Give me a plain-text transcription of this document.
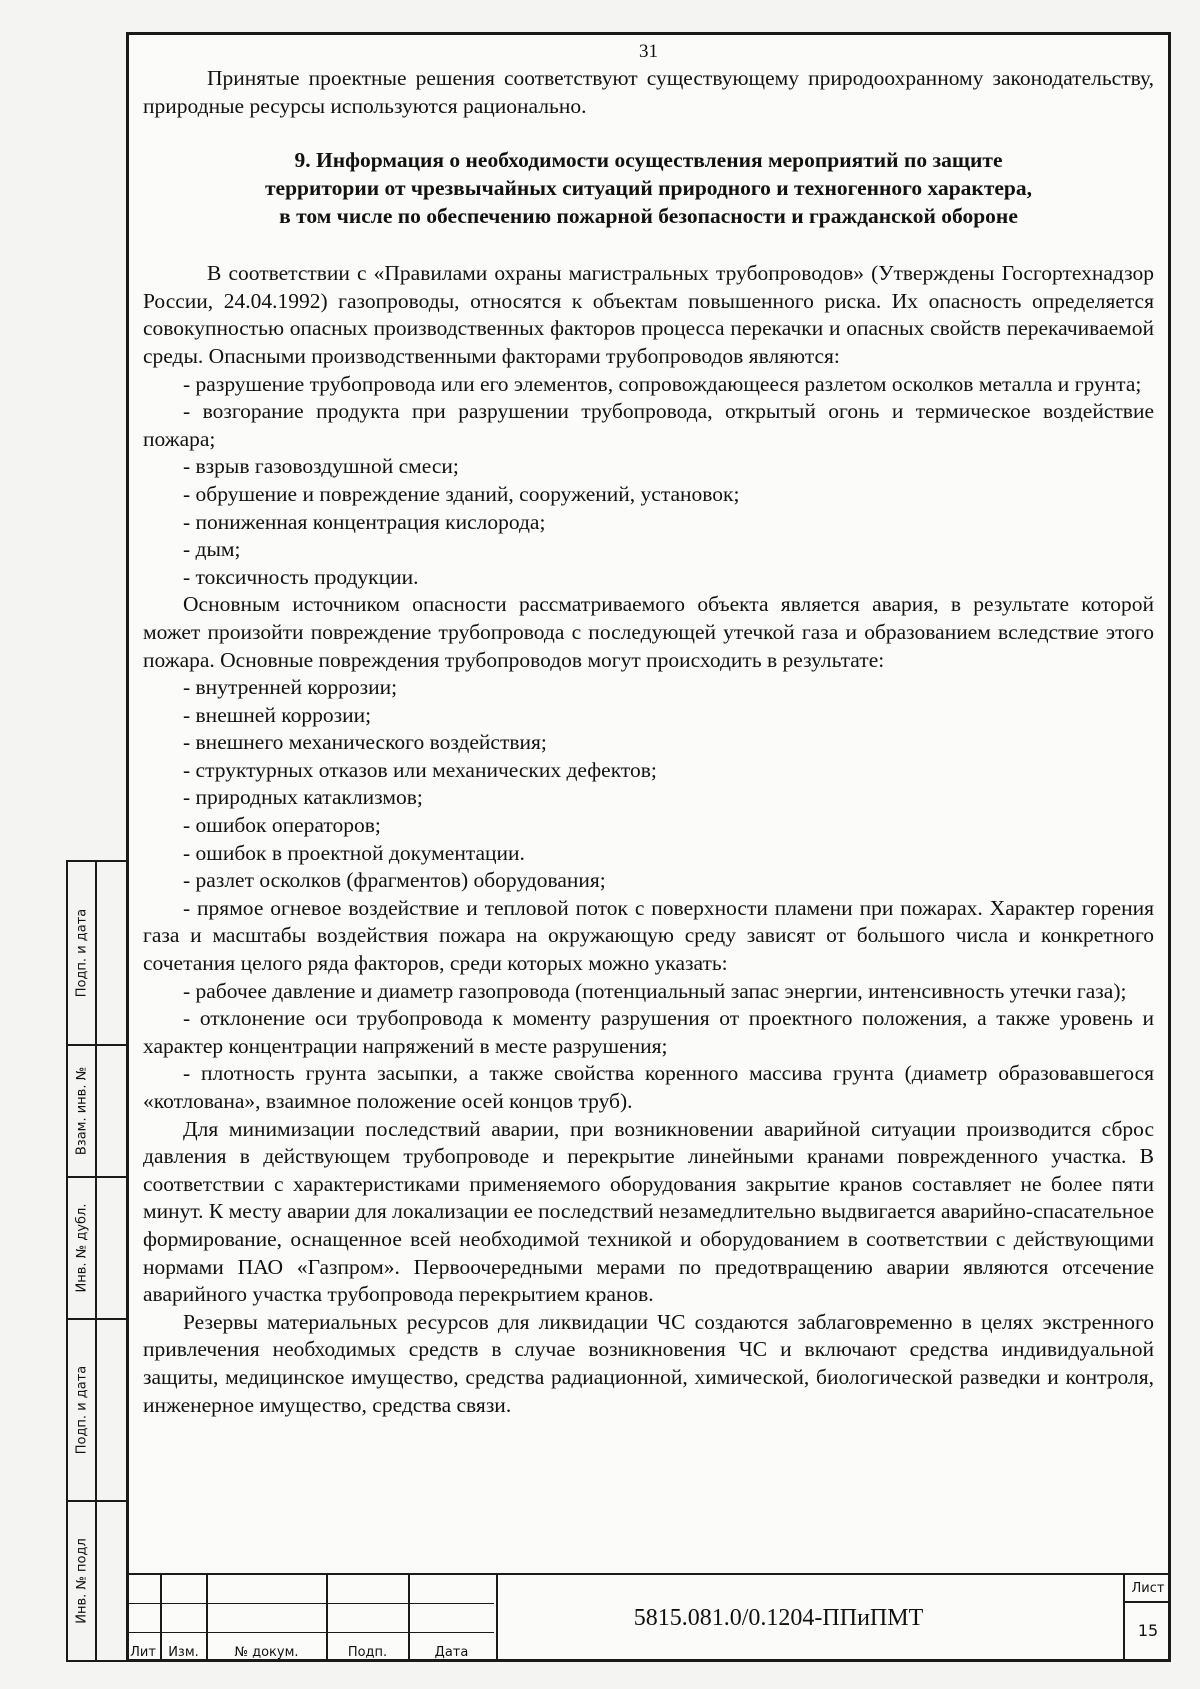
31

Принятые проектные решения соответствуют существующему природоохранному законодательству, природные ресурсы используются рационально.

9. Информация о необходимости осуществления мероприятий по защите
территории от чрезвычайных ситуаций природного и техногенного характера,
в том числе по обеспечению пожарной безопасности и гражданской обороне

В соответствии с «Правилами охраны магистральных трубопроводов» (Утверждены Госгортехнадзор России, 24.04.1992) газопроводы, относятся к объектам повышенного риска. Их опасность определяется совокупностью опасных производственных факторов процесса перекачки и опасных свойств перекачиваемой среды. Опасными производственными факторами трубопроводов являются:

- разрушение трубопровода или его элементов, сопровождающееся разлетом осколков металла и грунта;

- возгорание продукта при разрушении трубопровода, открытый огонь и термическое воздействие пожара;

- взрыв газовоздушной смеси;

- обрушение и повреждение зданий, сооружений, установок;

- пониженная концентрация кислорода;

- дым;

- токсичность продукции.

Основным источником опасности рассматриваемого объекта является авария, в результате которой может произойти повреждение трубопровода с последующей утечкой газа и образованием вследствие этого пожара. Основные повреждения трубопроводов могут происходить в результате:

- внутренней коррозии;

- внешней коррозии;

- внешнего механического воздействия;

- структурных отказов или механических дефектов;

- природных катаклизмов;

- ошибок операторов;

- ошибок в проектной документации.

- разлет осколков (фрагментов) оборудования;

- прямое огневое воздействие и тепловой поток с поверхности пламени при пожарах. Характер горения газа и масштабы воздействия пожара на окружающую среду зависят от большого числа и конкретного сочетания целого ряда факторов, среди которых можно указать:

- рабочее давление и диаметр газопровода (потенциальный запас энергии, интенсивность утечки газа);

- отклонение оси трубопровода к моменту разрушения от проектного положения, а также уровень и характер концентрации напряжений в месте разрушения;

- плотность грунта засыпки, а также свойства коренного массива грунта (диаметр образовавшегося «котлована», взаимное положение осей концов труб).

Для минимизации последствий аварии, при возникновении аварийной ситуации производится сброс давления в действующем трубопроводе и перекрытие линейными кранами поврежденного участка. В соответствии с характеристиками применяемого оборудования закрытие кранов составляет не более пяти минут. К месту аварии для локализации ее последствий незамедлительно выдвигается аварийно-спасательное формирование, оснащенное всей необходимой техникой и оборудованием в соответствии с действующими нормами ПАО «Газпром». Первоочередными мерами по предотвращению аварии являются отсечение аварийного участка трубопровода перекрытием кранов.

Резервы материальных ресурсов для ликвидации ЧС создаются заблаговременно в целях экстренного привлечения необходимых средств в случае возникновения ЧС и включают средства индивидуальной защиты, медицинское имущество, средства радиационной, химической, биологической разведки и контроля, инженерное имущество, средства связи.

Подп. и дата
Взам. инв. №
Инв. № дубл.
Подп. и дата
Инв. № подл
Лит Изм.	№ докум.	Подп.	Дата
5815.081.0/0.1204-ППиПМТ
Лист
15
